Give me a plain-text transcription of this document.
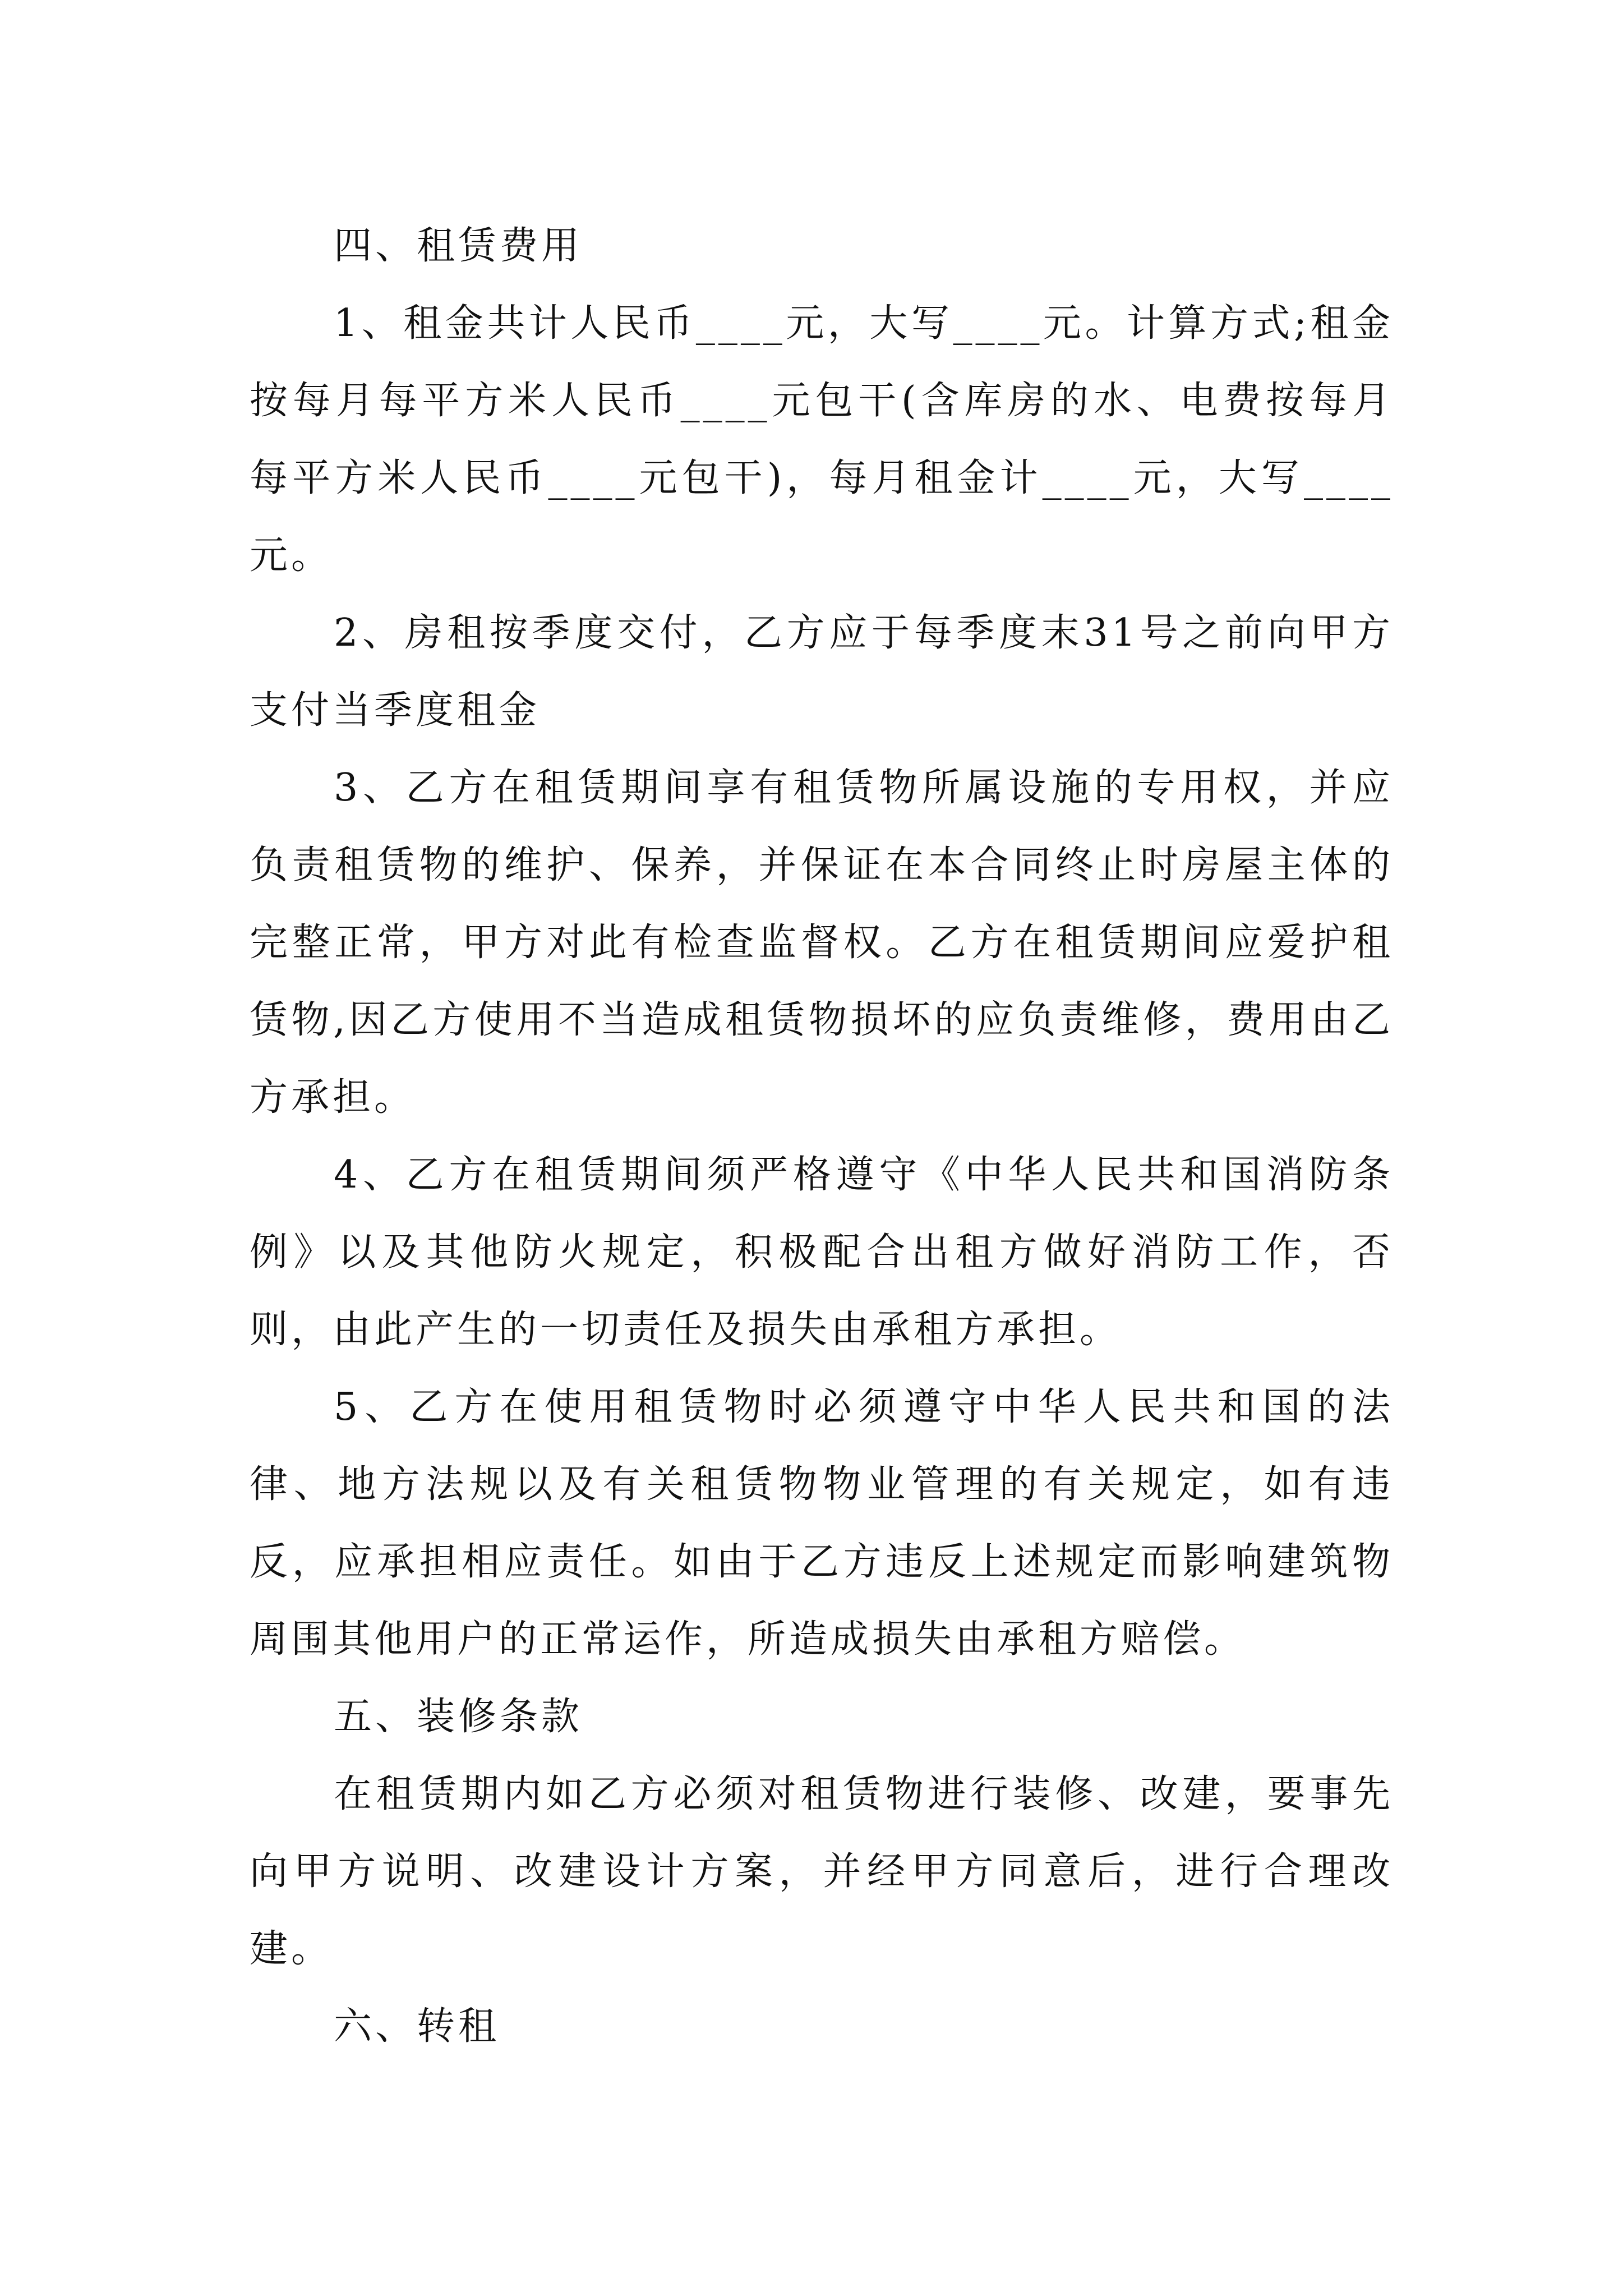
四、租赁费用

1、租金共计人民币____元，大写____元。计算方式;租金按每月每平方米人民币____元包干(含库房的水、电费按每月每平方米人民币____元包干)，每月租金计____元，大写____元。

2、房租按季度交付，乙方应于每季度末31号之前向甲方支付当季度租金

3、乙方在租赁期间享有租赁物所属设施的专用权，并应负责租赁物的维护、保养，并保证在本合同终止时房屋主体的完整正常，甲方对此有检查监督权。乙方在租赁期间应爱护租赁物,因乙方使用不当造成租赁物损坏的应负责维修，费用由乙方承担。

4、乙方在租赁期间须严格遵守《中华人民共和国消防条例》以及其他防火规定，积极配合出租方做好消防工作，否则，由此产生的一切责任及损失由承租方承担。

5、乙方在使用租赁物时必须遵守中华人民共和国的法律、地方法规以及有关租赁物物业管理的有关规定，如有违反，应承担相应责任。如由于乙方违反上述规定而影响建筑物周围其他用户的正常运作，所造成损失由承租方赔偿。

五、装修条款

在租赁期内如乙方必须对租赁物进行装修、改建，要事先向甲方说明、改建设计方案，并经甲方同意后，进行合理改建。

六、转租
